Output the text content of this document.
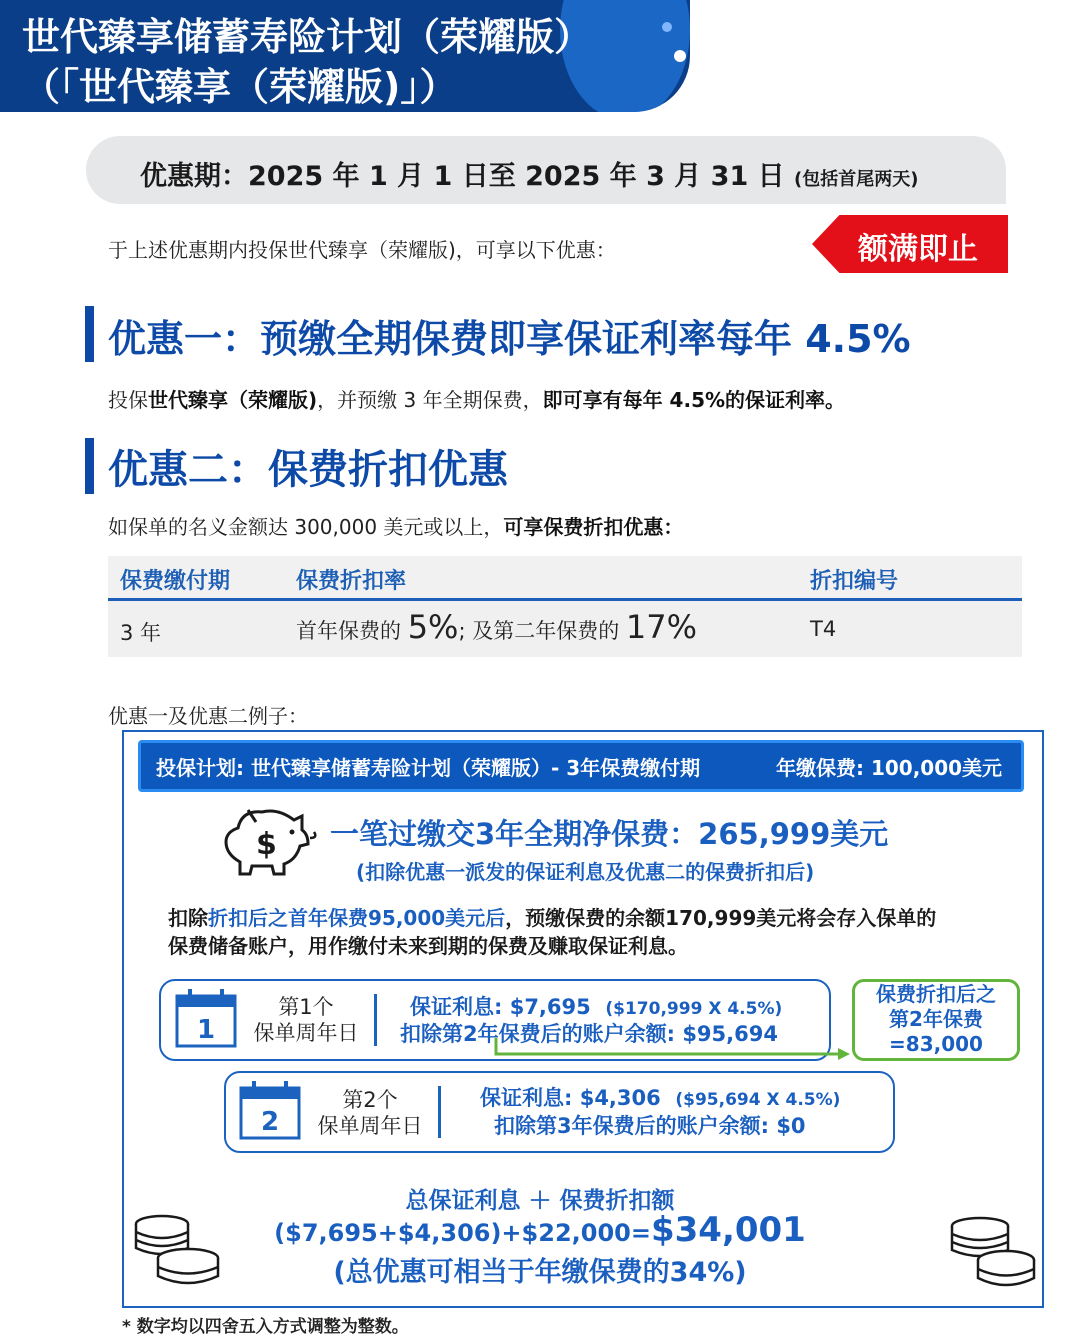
世代臻享储蓄寿险计划（荣耀版）
（「世代臻享（荣耀版)」）
优惠期：2025 年 1 月 1 日至 2025 年 3 月 31 日 (包括首尾两天)
于上述优惠期内投保世代臻享（荣耀版)，可享以下优惠：	额满即止
优惠一：预缴全期保费即享保证利率每年 4.5%
投保世代臻享（荣耀版)，并预缴 3 年全期保费，即可享有每年 4.5%的保证利率。
优惠二：保费折扣优惠
如保单的名义金额达 300,000 美元或以上，可享保费折扣优惠：
保费缴付期	保费折扣率	折扣编号
3 年	首年保费的 5%; 及第二年保费的 17%	T4
优惠一及优惠二例子：
投保计划: 世代臻享储蓄寿险计划（荣耀版）- 3年保费缴付期	年缴保费: 100,000美元
$ 一笔过缴交3年全期净保费：265,999美元
(扣除优惠一派发的保证利息及优惠二的保费折扣后)
扣除折扣后之首年保费95,000美元后，预缴保费的余额170,999美元将会存入保单的
保费储备账户，用作缴付未来到期的保费及赚取保证利息。
1
第1个
保单周年日
保证利息: $7,695 ($170,999 X 4.5%)
扣除第2年保费后的账户余额: $95,694
保费折扣后之
第2年保费
=83,000
2
第2个
保单周年日
保证利息: $4,306 ($95,694 X 4.5%)
扣除第3年保费后的账户余额: $0
总保证利息 ＋ 保费折扣额
($7,695+$4,306)+$22,000=$34,001
(总优惠可相当于年缴保费的34%)
* 数字均以四舍五入方式调整为整数。
